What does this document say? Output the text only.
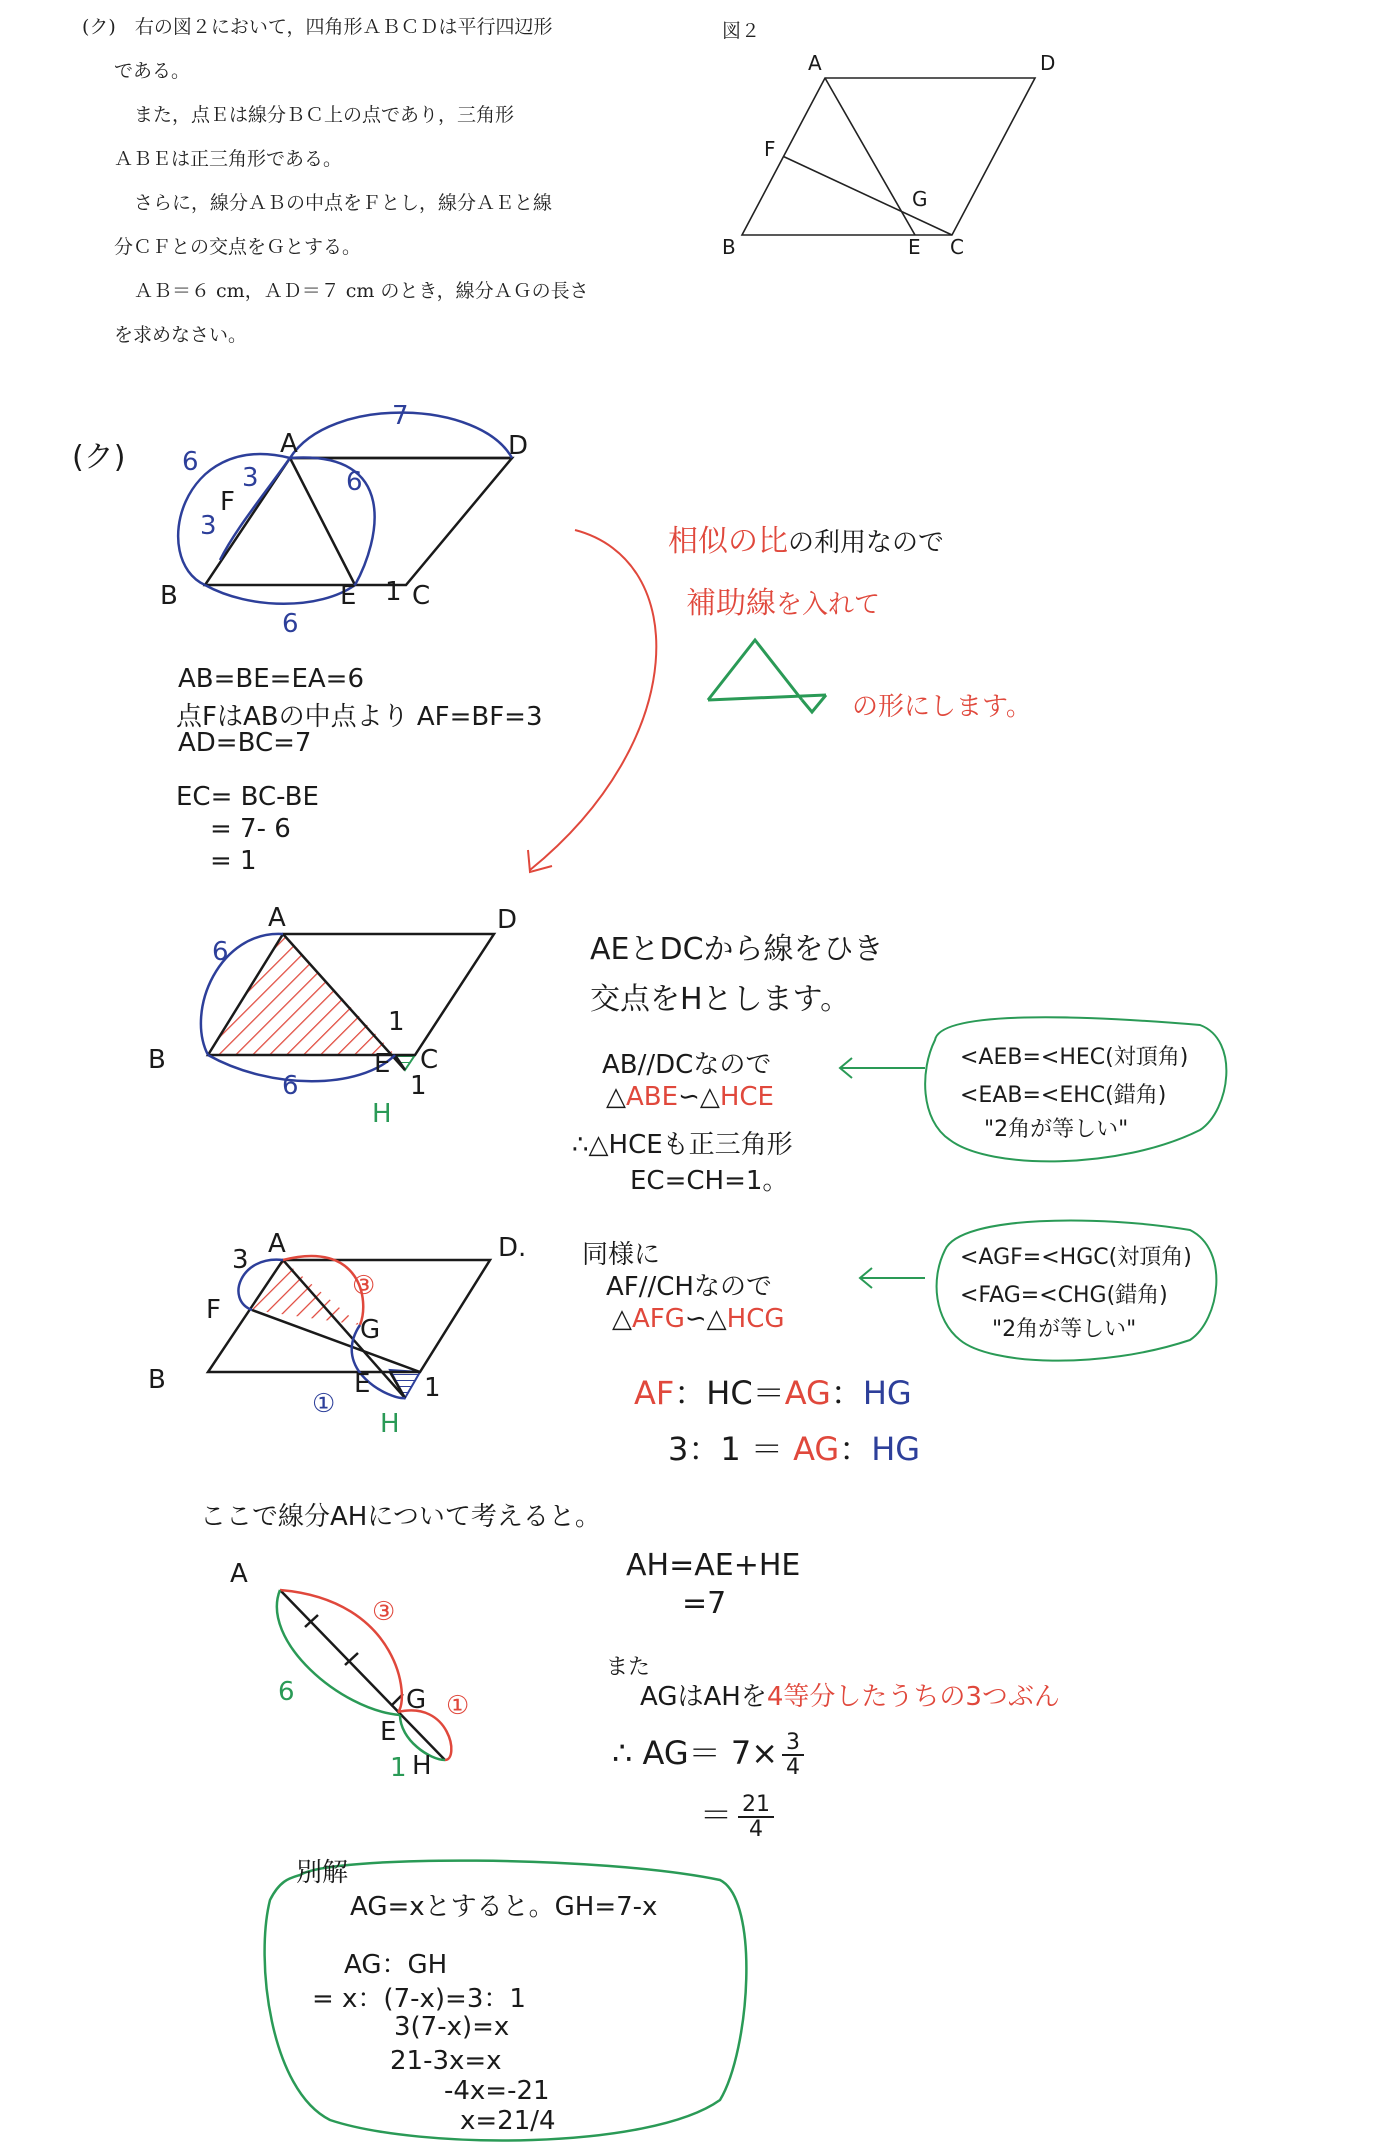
(ク)　右の図２において，四角形ＡＢＣＤは平行四辺形
である。
また，点Ｅは線分ＢＣ上の点であり，三角形
ＡＢＥは正三角形である。
さらに，線分ＡＢの中点をＦとし，線分ＡＥと線
分ＣＦとの交点をＧとする。
ＡＢ＝６ cm，ＡＤ＝７ cm のとき，線分ＡＧの長さ
を求めなさい。
図２
A	D
F
G
B	E C
(ク)
7
6
3
3
6
6
1
A	D
F
B	E C
AB=BE=EA=6
点FはABの中点より AF=BF=3
AD=BC=7
EC= BC-BE
= 7- 6
= 1
相似の比の利用なので
補助線を入れて
の形にします。
A	D
B	E C
H
6
6
1
1
AEとDCから線をひき
交点をHとします。
AB//DCなので
△ABE∽△HCE
∴△HCEも正三角形
EC=CH=1。
<AEB=<HEC(対頂角)
<EAB=<EHC(錯角)
"2角が等しい"
A	D.
F
B
G
E
H
3
③
①
1
同様に
AF//CHなので
△AFG∽△HCG
<AGF=<HGC(対頂角)
<FAG=<CHG(錯角)
"2角が等しい"
AF：HC＝AG：HG
3：1 ＝ AG：HG
ここで線分AHについて考えると。
A
G
E
H
6
1
③
①
AH=AE+HE
=7
また
AGはAHを4等分したうちの3つぶん
∴ $AG= 7\times \frac{3}{4}$
＝ $\frac{21}{4}$
別解
AG=xとすると。GH=7-x
AG：GH
= x：(7-x)=3：1
3(7-x)=x
21-3x=x
-4x=-21
x=21/4
